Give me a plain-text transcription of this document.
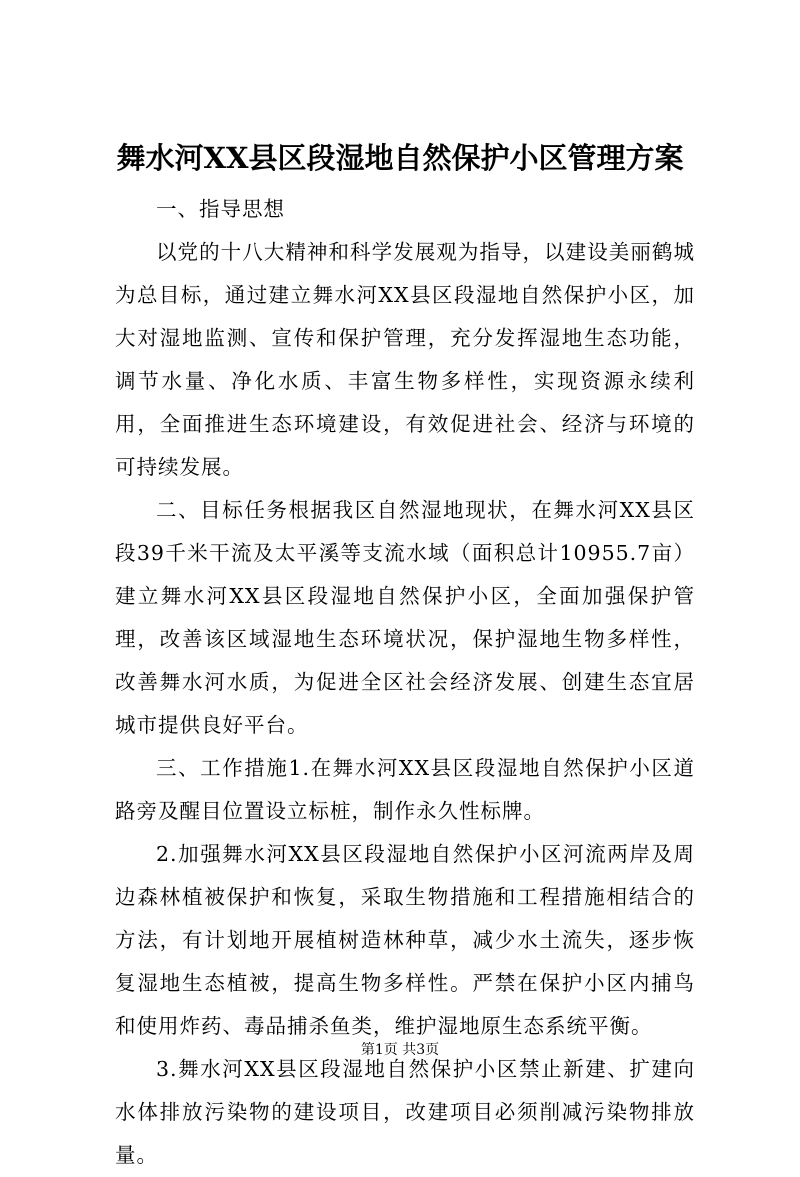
舞水河XX县区段湿地自然保护小区管理方案

一、指导思想

以党的十八大精神和科学发展观为指导，以建设美丽鹤城为总目标，通过建立舞水河XX县区段湿地自然保护小区，加大对湿地监测、宣传和保护管理，充分发挥湿地生态功能，调节水量、净化水质、丰富生物多样性，实现资源永续利用，全面推进生态环境建设，有效促进社会、经济与环境的可持续发展。

二、目标任务根据我区自然湿地现状，在舞水河XX县区段39千米干流及太平溪等支流水域（面积总计10955.7亩）建立舞水河XX县区段湿地自然保护小区，全面加强保护管理，改善该区域湿地生态环境状况，保护湿地生物多样性，改善舞水河水质，为促进全区社会经济发展、创建生态宜居城市提供良好平台。

三、工作措施1.在舞水河XX县区段湿地自然保护小区道路旁及醒目位置设立标桩，制作永久性标牌。

2.加强舞水河XX县区段湿地自然保护小区河流两岸及周边森林植被保护和恢复，采取生物措施和工程措施相结合的方法，有计划地开展植树造林种草，减少水土流失，逐步恢复湿地生态植被，提高生物多样性。严禁在保护小区内捕鸟和使用炸药、毒品捕杀鱼类，维护湿地原生态系统平衡。

3.舞水河XX县区段湿地自然保护小区禁止新建、扩建向水体排放污染物的建设项目，改建项目必须削减污染物排放量。

第1页 共3页
